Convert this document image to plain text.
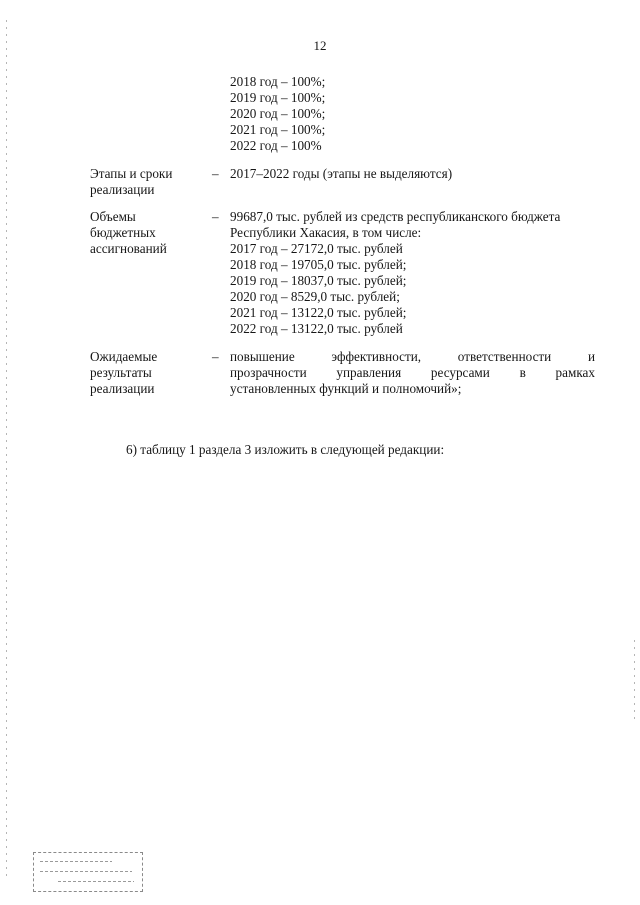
12
2018 год – 100%;
2019 год – 100%;
2020 год – 100%;
2021 год – 100%;
2022 год – 100%
Этапы и сроки
реализации
– 2017–2022 годы (этапы не выделяются)
Объемы
бюджетных
ассигнований
– 99687,0 тыс. рублей из средств республиканского бюджета
Республики Хакасия, в том числе:
2017 год – 27172,0 тыс. рублей
2018 год – 19705,0 тыс. рублей;
2019 год – 18037,0 тыс. рублей;
2020 год – 8529,0 тыс. рублей;
2021 год – 13122,0 тыс. рублей;
2022 год – 13122,0 тыс. рублей
Ожидаемые
результаты
реализации
– повышение эффективности, ответственности и
прозрачности управления ресурсами в рамках
установленных функций и полномочий»;
6) таблицу 1 раздела 3 изложить в следующей редакции:
